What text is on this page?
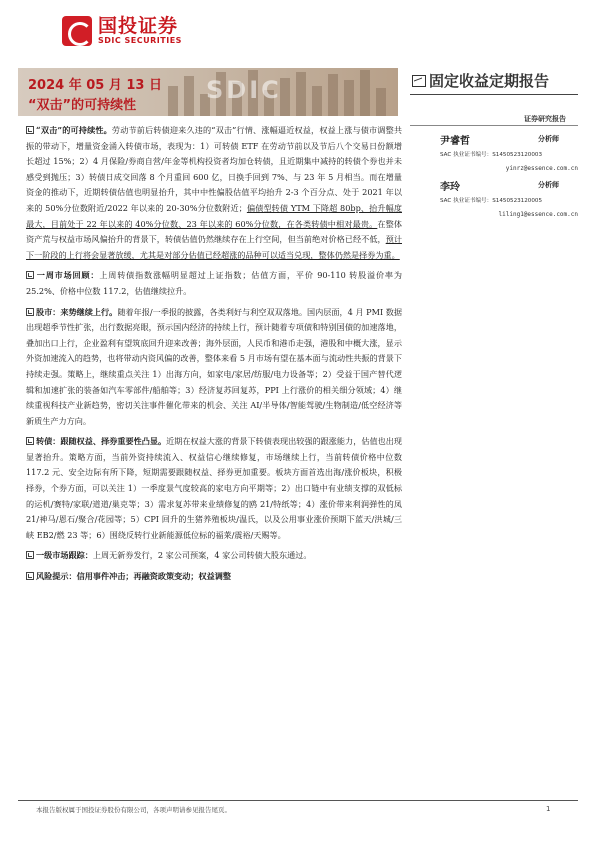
国投证券
SDIC SECURITIES
SDIC
2024 年 05 月 13 日
“双击”的可持续性
固定收益定期报告
证券研究报告
尹睿哲	分析师
SAC 执业证书编号：S1450523120003
yinrz@essence.com.cn
李玲	分析师
SAC 执业证书编号：S1450523120005
liling1@essence.com.cn

“双击”的可持续性。劳动节前后转债迎来久违的“双击”行情、涨幅逼近权益，权益上涨与债市调整共振的带动下，增量资金涌入转债市场，表现为：1）可转债 ETF 在劳动节前以及节后八个交易日份额增长超过 15%；2）4 月保险/券商自营/年金等机构投资者均加仓转债，且近期集中减持的转债个券也并未感受到抛压；3）转债日成交回落 8 个月重回 600 亿，日换手回到 7%、与 23 年 5 月相当。而在增量资金的推动下，近期转债估值也明显抬升，其中中性偏股估值平均抬升 2-3 个百分点、处于 2021 年以来的 50%分位数附近/2022 年以来的 20-30%分位数附近；偏债型转债 YTM 下降超 80bp、抬升幅度最大，目前处于 22 年以来的 40%分位数、23 年以来的 60%分位数，在各类转债中相对最贵。在整体资产荒与权益市场风偏抬升的背景下，转债估值仍然继续存在上行空间，但当前绝对价格已经不低，预计下一阶段的上行将会显著放缓，尤其是对部分估值已经超涨的品种可以适当兑现，整体仍然是择券为重。

一周市场回顾：上周转债指数涨幅明显超过上证指数；估值方面，平价 90-110 转股溢价率为 25.2%、价格中位数 117.2，估值继续拉升。

股市：来势继续上行。随着年报/一季报的披露，各类利好与利空双双落地。国内层面，4 月 PMI 数据出现超季节性扩张，出行数据亮眼，预示国内经济的持续上行，预计随着专项债和特别国债的加速落地，叠加出口上行，企业盈利有望筑底回升迎来改善；海外层面，人民币和港币走强，港股和中概大涨，显示外资加速流入的趋势，也将带动内资风偏的改善，整体来看 5 月市场有望在基本面与流动性共振的背景下持续走强。策略上，继续重点关注 1）出海方向，如家电/家居/纺服/电力设备等；2）受益于国产替代逻辑和加速扩张的装备如汽车零部件/船舶等；3）经济复苏回复苏，PPI 上行涨价的相关细分领域；4）继续重视科技产业新趋势，密切关注事件催化带来的机会、关注 AI/半导体/智能驾驶/生物制造/低空经济等新质生产力方向。

转债：跟随权益、择券重要性凸显。近期在权益大涨的背景下转债表现出较强的跟涨能力，估值也出现显著抬升。策略方面，当前外资持续流入、权益信心继续修复，市场继续上行，当前转债价格中位数 117.2 元、安全边际有所下降，短期需要跟随权益、择券更加重要。板块方面首选出海/涨价板块，积极择券，个券方面，可以关注 1）一季度景气度较高的家电方向平期等；2）出口链中有业绩支撑的双低标的运机/赛特/家联/道道/巢克等；3）需求复苏带来业绩修复的鸥 21/特纸等；4）涨价带来利润弹性的凤 21/神马/恩石/聚合/花园等；5）CPI 回升的生猪养殖板块/温氏，以及公用事业涨价预期下蓝天/洪城/三峡 EB2/燃 23 等；6）围绕反转行业新能源低位标的福莱/震裕/天赐等。

一级市场跟踪：上周无新券发行，2 家公司预案，4 家公司转债大股东通过。

风险提示：信用事件冲击；再融资政策变动；权益调整

本报告版权属于国投证券股份有限公司，各项声明请参见报告尾页。	1
